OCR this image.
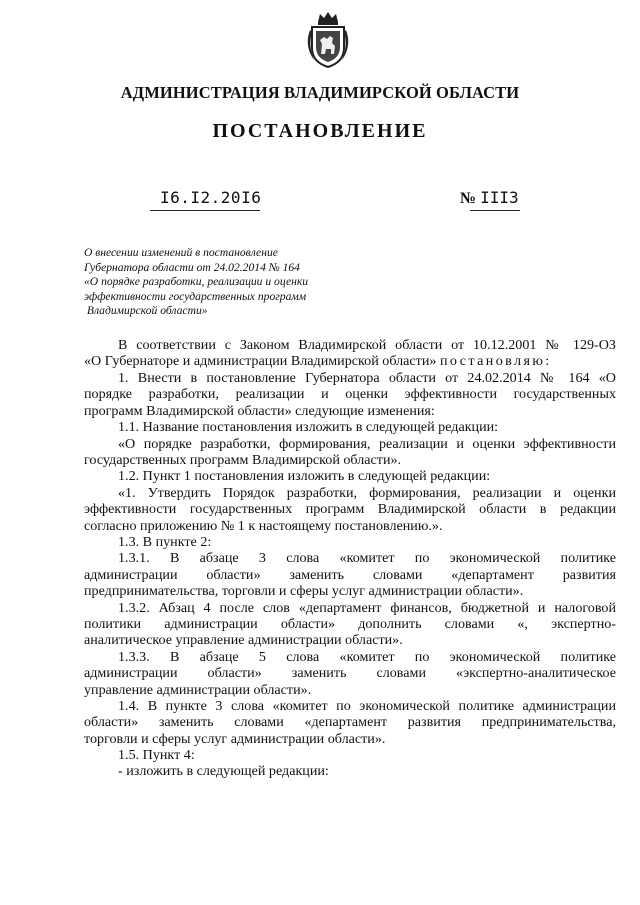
АДМИНИСТРАЦИЯ ВЛАДИМИРСКОЙ ОБЛАСТИ
ПОСТАНОВЛЕНИЕ
I6.I2.20I6	№ III3
О внесении изменений в постановление
Губернатора области от 24.02.2014 № 164
«О порядке разработки, реализации и оценки
эффективности государственных программ
Владимирской области»
В соответствии с Законом Владимирской области от 10.12.2001 № 129-ОЗ
«О Губернаторе и администрации Владимирской области» постановляю:
1. Внести в постановление Губернатора области от 24.02.2014 № 164 «О
порядке разработки, реализации и оценки эффективности государственных
программ Владимирской области» следующие изменения:
1.1. Название постановления изложить в следующей редакции:
«О порядке разработки, формирования, реализации и оценки эффективности
государственных программ Владимирской области».
1.2. Пункт 1 постановления изложить в следующей редакции:
«1. Утвердить Порядок разработки, формирования, реализации и оценки
эффективности государственных программ Владимирской области в редакции
согласно приложению № 1 к настоящему постановлению.».
1.3. В пункте 2:
1.3.1. В абзаце 3 слова «комитет по экономической политике
администрации области» заменить словами «департамент развития
предпринимательства, торговли и сферы услуг администрации области».
1.3.2. Абзац 4 после слов «департамент финансов, бюджетной и налоговой
политики администрации области» дополнить словами «, экспертно-
аналитическое управление администрации области».
1.3.3. В абзаце 5 слова «комитет по экономической политике
администрации области» заменить словами «экспертно-аналитическое
управление администрации области».
1.4. В пункте 3 слова «комитет по экономической политике администрации
области» заменить словами «департамент развития предпринимательства,
торговли и сферы услуг администрации области».
1.5. Пункт 4:
- изложить в следующей редакции:
